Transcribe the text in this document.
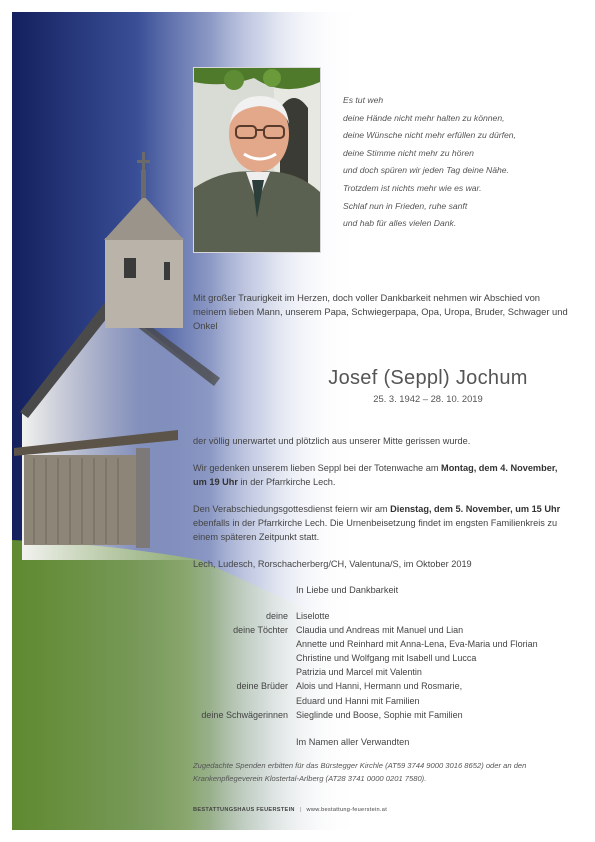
Es tut weh
deine Hände nicht mehr halten zu können,
deine Wünsche nicht mehr erfüllen zu dürfen,
deine Stimme nicht mehr zu hören
und doch spüren wir jeden Tag deine Nähe.
Trotzdem ist nichts mehr wie es war.
Schlaf nun in Frieden, ruhe sanft
und hab für alles vielen Dank.
Mit großer Traurigkeit im Herzen, doch voller Dankbarkeit nehmen wir Abschied von meinem lieben Mann, unserem Papa, Schwiegerpapa, Opa, Uropa, Bruder, Schwager und Onkel
Josef (Seppl) Jochum
25. 3. 1942 – 28. 10. 2019
der völlig unerwartet und plötzlich aus unserer Mitte gerissen wurde.
Wir gedenken unserem lieben Seppl bei der Totenwache am Montag, dem 4. November, um 19 Uhr in der Pfarrkirche Lech.
Den Verabschiedungsgottesdienst feiern wir am Dienstag, dem 5. November, um 15 Uhr ebenfalls in der Pfarrkirche Lech. Die Urnenbeisetzung findet im engsten Familienkreis zu einem späteren Zeitpunkt statt.
Lech, Ludesch, Rorschacherberg/CH, Valentuna/S, im Oktober 2019
In Liebe und Dankbarkeit
deine Liselotte
deine Töchter Claudia und Andreas mit Manuel und Lian
Annette und Reinhard mit Anna-Lena, Eva-Maria und Florian
Christine und Wolfgang mit Isabell und Lucca
Patrizia und Marcel mit Valentin
deine Brüder Alois und Hanni, Hermann und Rosmarie,
Eduard und Hanni mit Familien
deine Schwägerinnen Sieglinde und Boose, Sophie mit Familien
Im Namen aller Verwandten
Zugedachte Spenden erbitten für das Bürstegger Kirchle (AT59 3744 9000 3016 8652) oder an den Krankenpflegeverein Klostertal-Arlberg (AT28 3741 0000 0201 7580).
BESTATTUNGSHAUS FEUERSTEIN | www.bestattung-feuerstein.at
